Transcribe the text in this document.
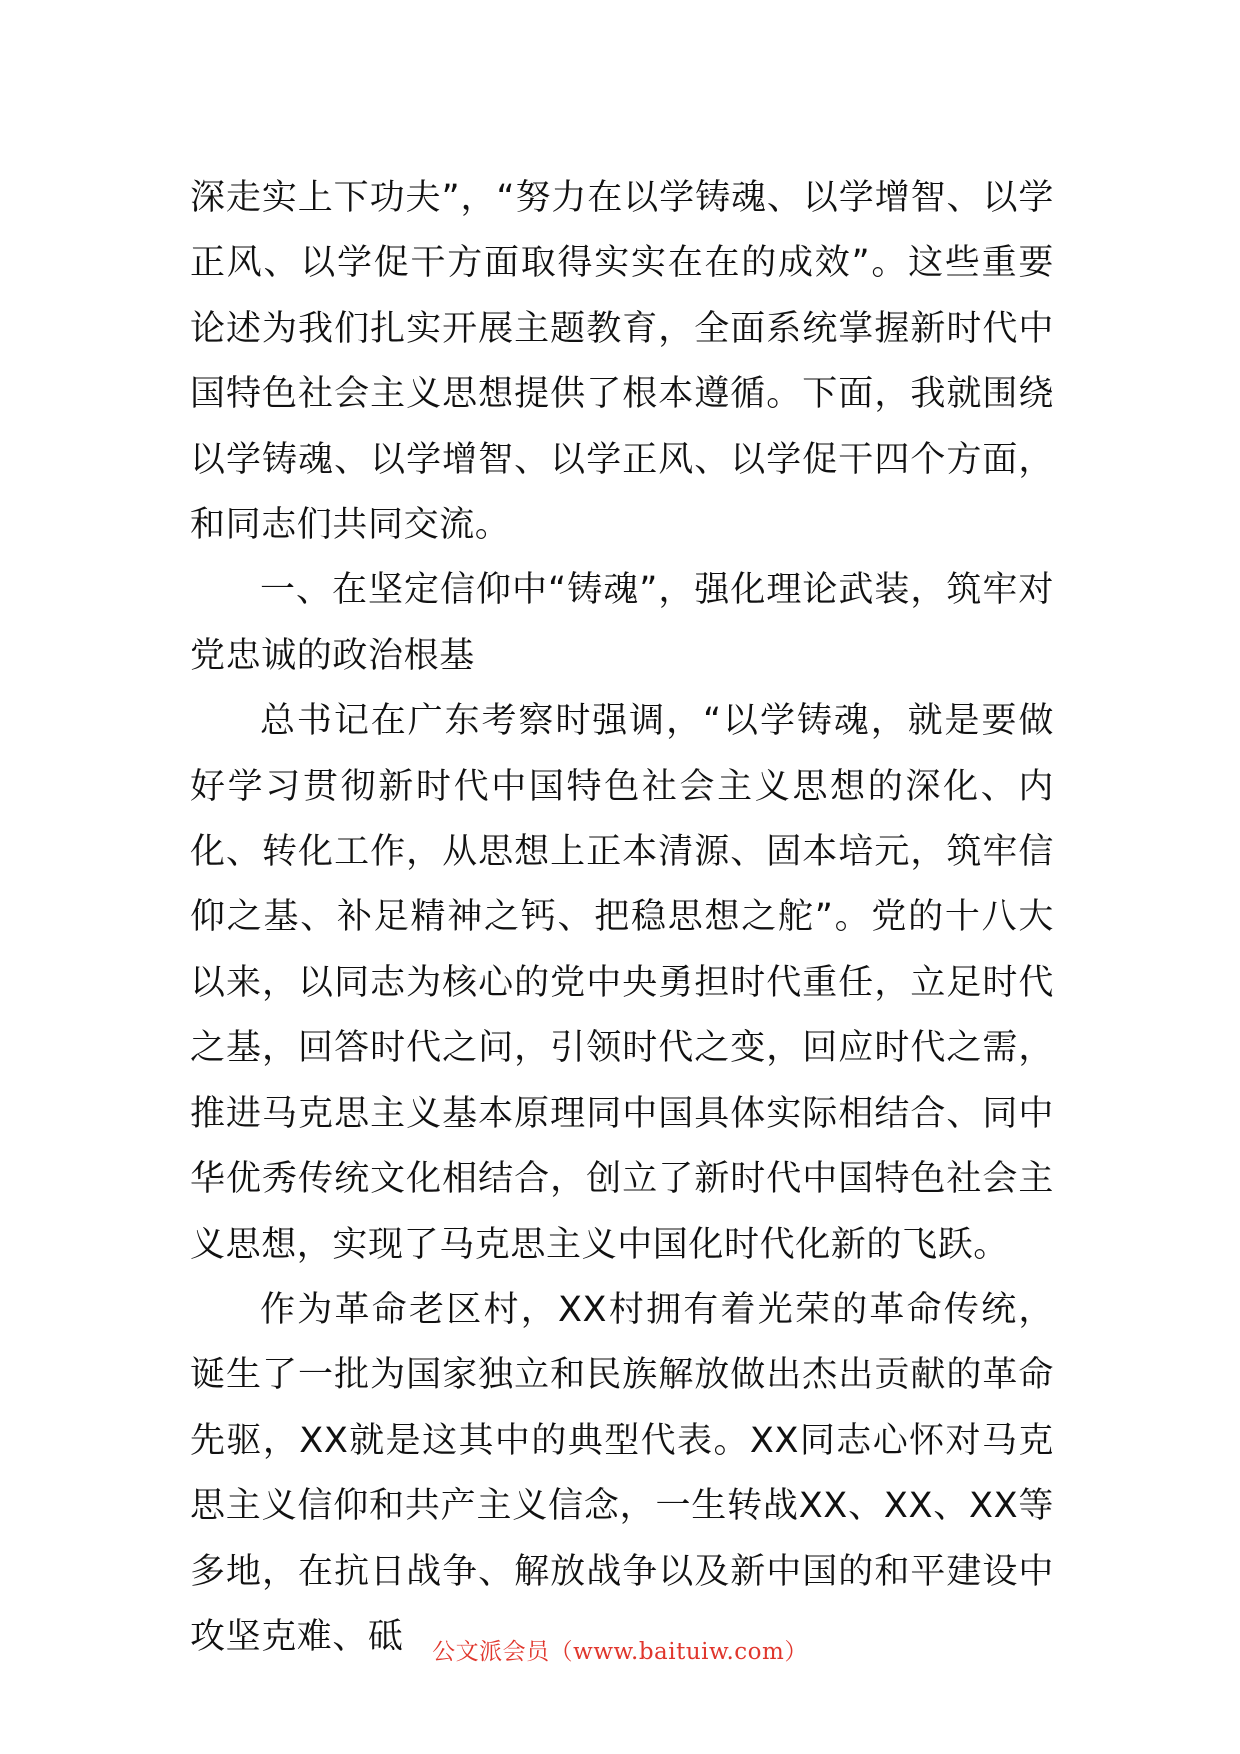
深走实上下功夫”，“努力在以学铸魂、以学增智、以学正风、以学促干方面取得实实在在的成效”。这些重要论述为我们扎实开展主题教育，全面系统掌握新时代中国特色社会主义思想提供了根本遵循。下面，我就围绕以学铸魂、以学增智、以学正风、以学促干四个方面，和同志们共同交流。

一、在坚定信仰中“铸魂”，强化理论武装，筑牢对党忠诚的政治根基

总书记在广东考察时强调，“以学铸魂，就是要做好学习贯彻新时代中国特色社会主义思想的深化、内化、转化工作，从思想上正本清源、固本培元，筑牢信仰之基、补足精神之钙、把稳思想之舵”。党的十八大以来，以同志为核心的党中央勇担时代重任，立足时代之基，回答时代之问，引领时代之变，回应时代之需，推进马克思主义基本原理同中国具体实际相结合、同中华优秀传统文化相结合，创立了新时代中国特色社会主义思想，实现了马克思主义中国化时代化新的飞跃。

作为革命老区村，XX村拥有着光荣的革命传统，诞生了一批为国家独立和民族解放做出杰出贡献的革命先驱，XX就是这其中的典型代表。XX同志心怀对马克思主义信仰和共产主义信念，一生转战XX、XX、XX等多地，在抗日战争、解放战争以及新中国的和平建设中攻坚克难、砥	公文派会员（www.baituiw.com）
